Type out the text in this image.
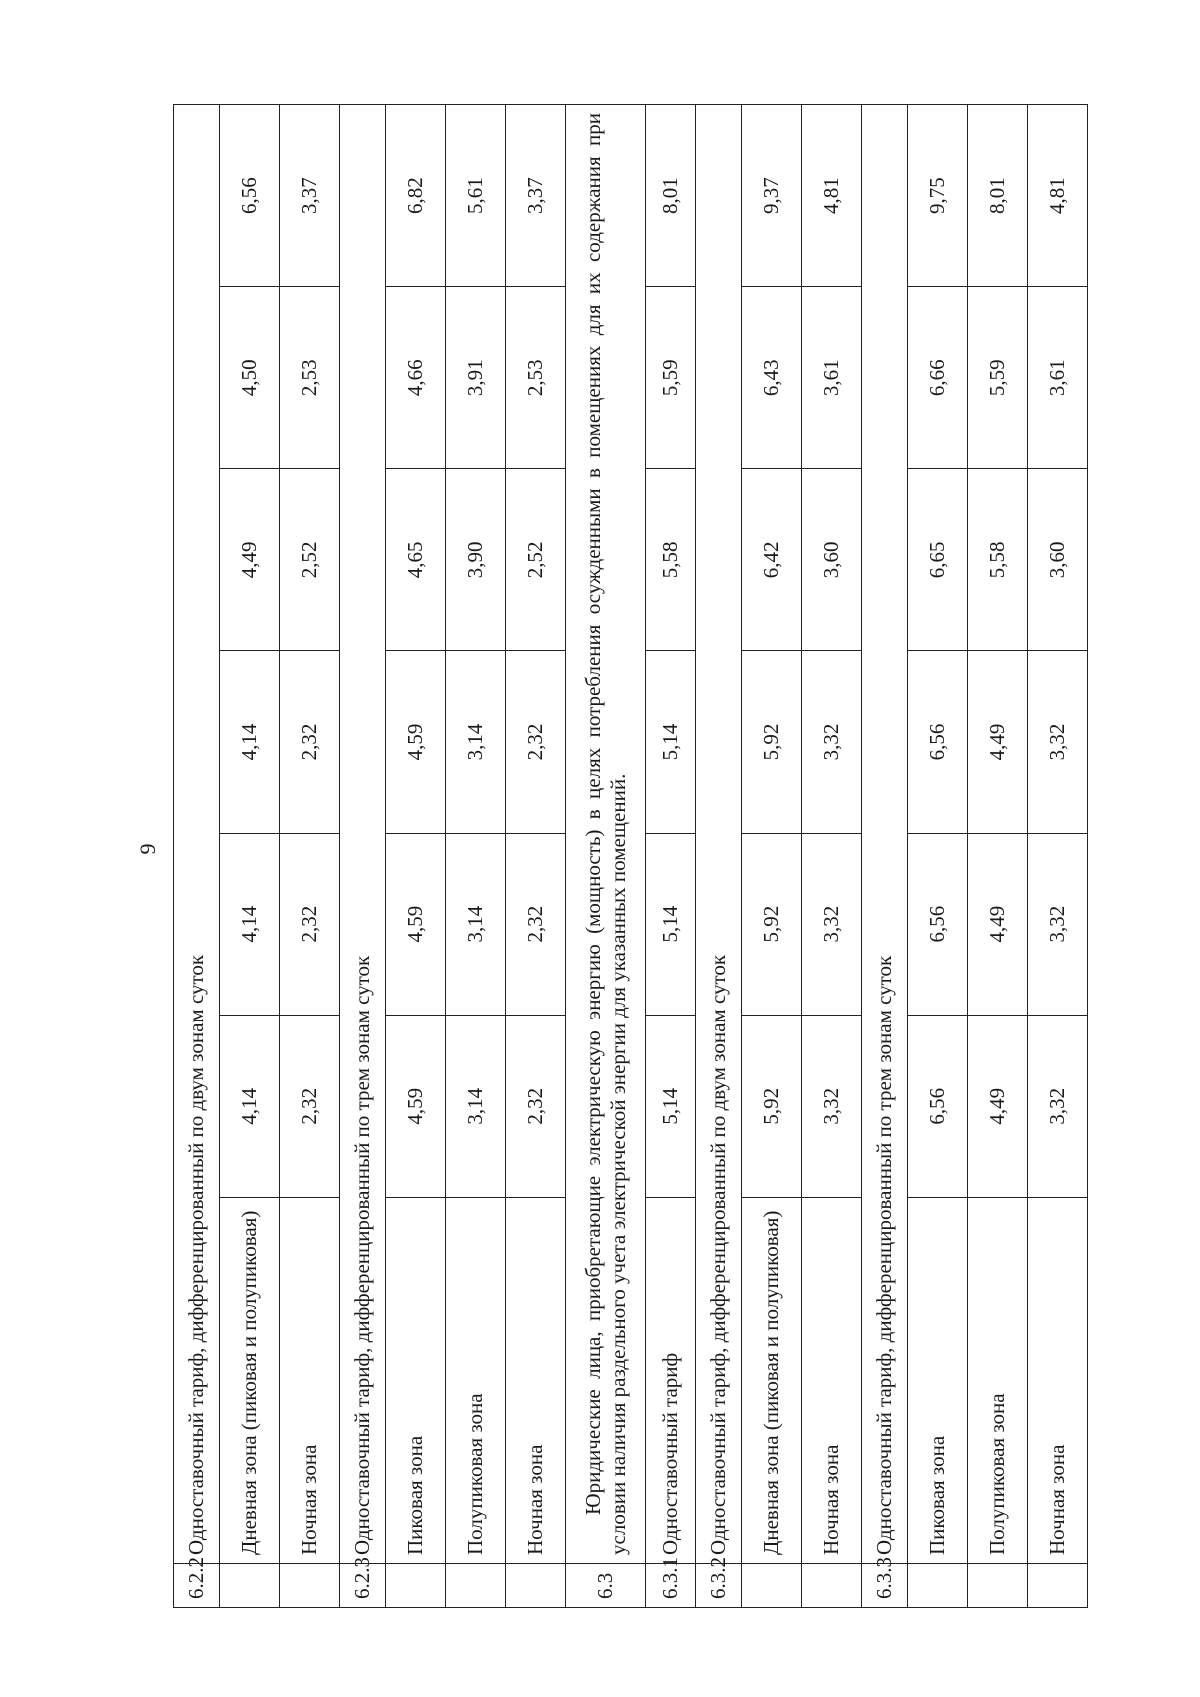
9
6.2.2	Одноставочный тариф, дифференцированный по двум зонам суток						
	Дневная зона (пиковая и полупиковая)	4,14	4,14	4,14	4,49	4,50	6,56
	Ночная зона	2,32	2,32	2,32	2,52	2,53	3,37
6.2.3	Одноставочный тариф, дифференцированный по трем зонам суток						
	Пиковая зона	4,59	4,59	4,59	4,65	4,66	6,82
	Полупиковая зона	3,14	3,14	3,14	3,90	3,91	5,61
	Ночная зона	2,32	2,32	2,32	2,52	2,53	3,37
6.3	Юридические лица, приобретающие электрическую энергию (мощность) в целях потребления осужденными в помещениях для их содержания при условии наличия раздельного учета электрической энергии для указанных помещений.						
6.3.1	Одноставочный тариф	5,14	5,14	5,14	5,58	5,59	8,01
6.3.2	Одноставочный тариф, дифференцированный по двум зонам суток						
	Дневная зона (пиковая и полупиковая)	5,92	5,92	5,92	6,42	6,43	9,37
	Ночная зона	3,32	3,32	3,32	3,60	3,61	4,81
6.3.3	Одноставочный тариф, дифференцированный по трем зонам суток						
	Пиковая зона	6,56	6,56	6,56	6,65	6,66	9,75
	Полупиковая зона	4,49	4,49	4,49	5,58	5,59	8,01
	Ночная зона	3,32	3,32	3,32	3,60	3,61	4,81
